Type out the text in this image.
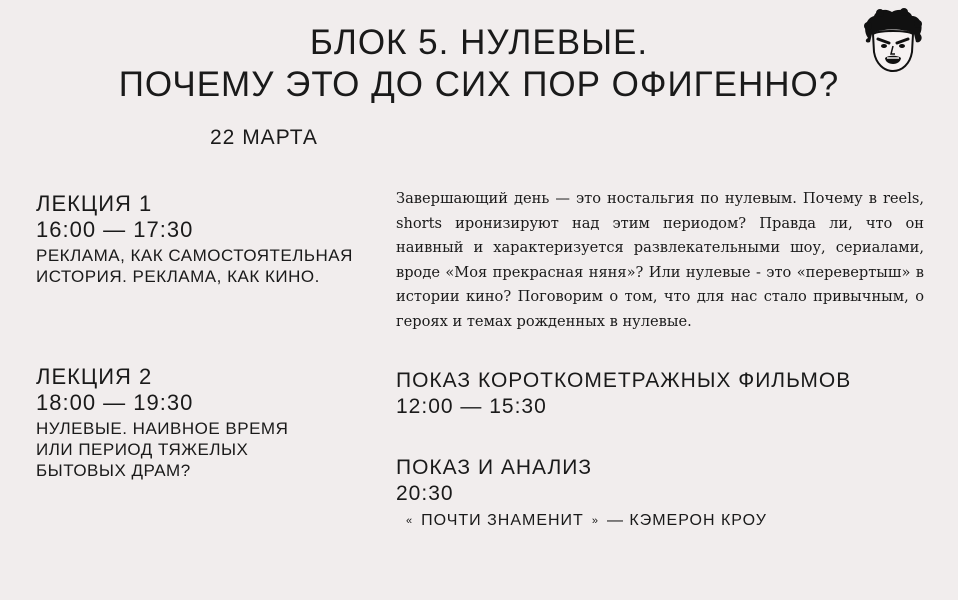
БЛОК 5. НУЛЕВЫЕ.
ПОЧЕМУ ЭТО ДО СИХ ПОР ОФИГЕННО?
22 МАРТА
ЛЕКЦИЯ 1
16:00 — 17:30
РЕКЛАМА, КАК САМОСТОЯТЕЛЬНАЯ
ИСТОРИЯ. РЕКЛАМА, КАК КИНО.
ЛЕКЦИЯ 2
18:00 — 19:30
НУЛЕВЫЕ. НАИВНОЕ ВРЕМЯ
ИЛИ ПЕРИОД ТЯЖЕЛЫХ
БЫТОВЫХ ДРАМ?

Завершающий день — это ностальгия по нулевым. Почему в reels, shorts иронизируют над этим периодом? Правда ли, что он наивный и характеризуется развлекательными шоу, сериалами, вроде «Моя прекрасная няня»? Или нулевые - это «перевертыш» в истории кино? Поговорим о том, что для нас стало привычным, о героях и темах рожденных в нулевые.

ПОКАЗ КОРОТКОМЕТРАЖНЫХ ФИЛЬМОВ
12:00 — 15:30
ПОКАЗ И АНАЛИЗ
20:30
« ПОЧТИ ЗНАМЕНИТ » — КЭМЕРОН КРОУ
